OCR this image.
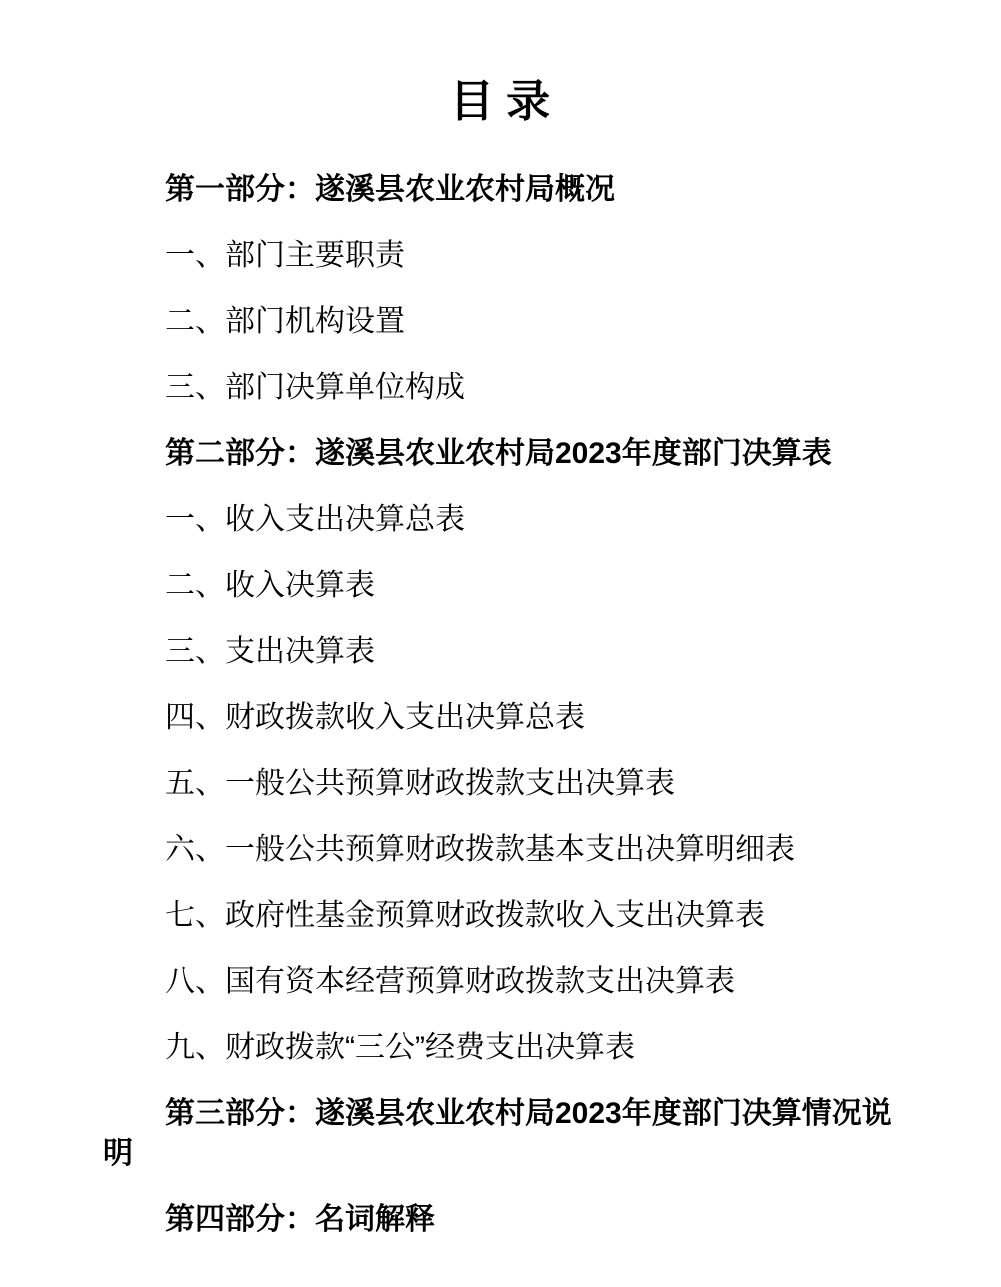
目 录

第一部分：遂溪县农业农村局概况

一、部门主要职责

二、部门机构设置

三、部门决算单位构成

第二部分：遂溪县农业农村局2023年度部门决算表

一、收入支出决算总表

二、收入决算表

三、支出决算表

四、财政拨款收入支出决算总表

五、一般公共预算财政拨款支出决算表

六、一般公共预算财政拨款基本支出决算明细表

七、政府性基金预算财政拨款收入支出决算表

八、国有资本经营预算财政拨款支出决算表

九、财政拨款“三公”经费支出决算表

第三部分：遂溪县农业农村局2023年度部门决算情况说明

第四部分：名词解释
